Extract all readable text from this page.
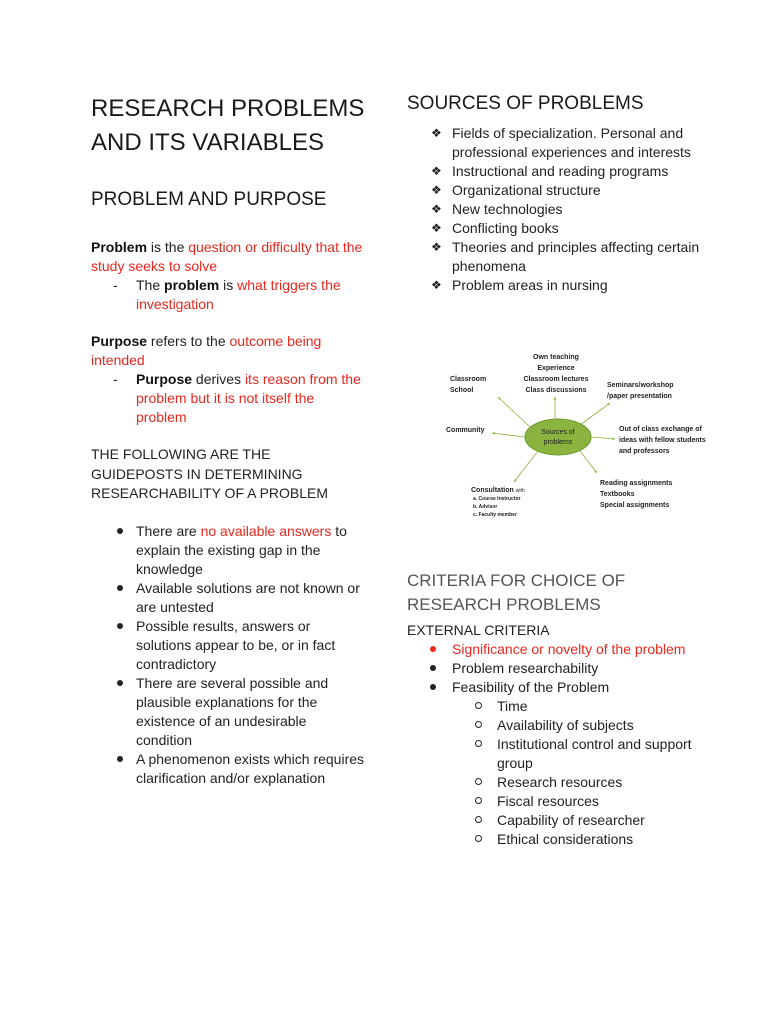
RESEARCH PROBLEMS AND ITS VARIABLES
PROBLEM AND PURPOSE

Problem is the question or difficulty that the study seeks to solve

- The problem is what triggers the investigation

Purpose refers to the outcome being intended

- Purpose derives its reason from the problem but it is not itself the problem

THE FOLLOWING ARE THE GUIDEPOSTS IN DETERMINING RESEARCHABILITY OF A PROBLEM

There are no available answers to explain the existing gap in the knowledge
Available solutions are not known or are untested
Possible results, answers or solutions appear to be, or in fact contradictory
There are several possible and plausible explanations for the existence of an undesirable condition
A phenomenon exists which requires clarification and/or explanation
SOURCES OF PROBLEMS
❖ Fields of specialization. Personal and professional experiences and interests
❖ Instructional and reading programs
❖ Organizational structure
❖ New technologies
❖ Conflicting books
❖ Theories and principles affecting certain phenomena
❖ Problem areas in nursing
Sources of
problems
Own teaching
Experience
Classroom lectures
Class discussions
Classroom
School
Seminars/workshop
/paper presentation
Community	Out of class exchange of
ideas with fellow students
and professors
Consultation with
a. Course Instructor
b. Advisor
c. Faculty member
Reading assignments
Textbooks
Special assignments
CRITERIA FOR CHOICE OF RESEARCH PROBLEMS

EXTERNAL CRITERIA

Significance or novelty of the problem
Problem researchability
Feasibility of the Problem
Time
Availability of subjects
Institutional control and support group
Research resources
Fiscal resources
Capability of researcher
Ethical considerations
